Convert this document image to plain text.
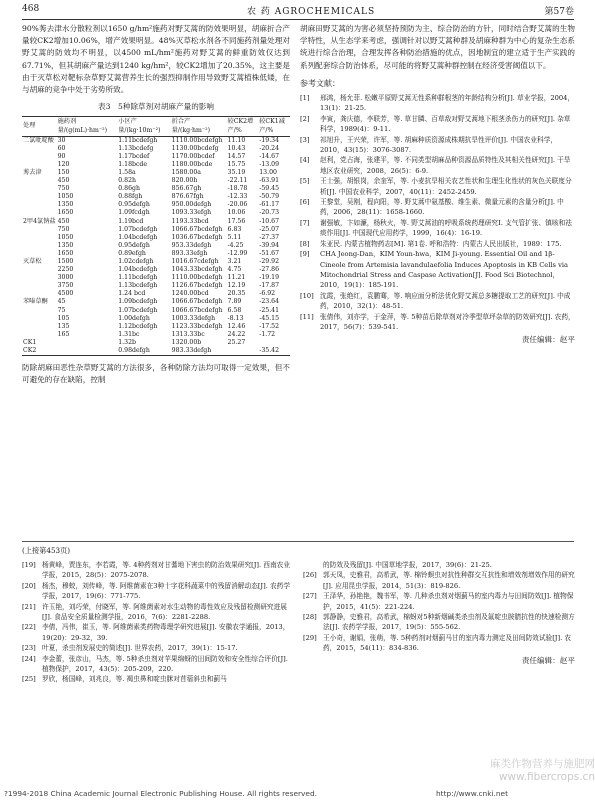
468	农 药 AGROCHEMICALS	第57卷

90%莠去津水分散粒剂以1650 g/hm²施药对野艾蒿的防效果明显，胡麻折合产量较CK2增加10.06%，增产效果明显。48%灭草松水剂各不同施药剂量处理对野艾蒿的防效均不明显，以4500 mL/hm²施药对野艾蒿的鲜重防效仅达到67.71%，但其胡麻产量达到1240 kg/hm²，较CK2增加了20.35%，这主要是由于灭草松对靶标杂草野艾蒿营养生长的强烈抑制作用导致野艾蒿植株低矮，在与胡麻的竞争中处于劣势所致。

表3　5种除草剂对胡麻产量的影响
处理	施药剂量/(g(mL)·hm⁻²)	小区产量/(kg·10m⁻²)	折合产量/(kg·hm⁻²)	较CK2增产/%	较CK1减产/%
二氯吡啶酸	30	1.11bcdefgh	1110.00bcdefgh	11.10	-19.34
	60	1.13bcdefg	1130.00bcdefg	10.43	-20.24
	90	1.17bcdef	1170.00bcdef	14.57	-14.67
	120	1.18bcde	1180.00bcde	15.75	-13.09
莠去津	150	1.58a	1580.00a	35.19	13.00
	450	0.82h	820.00h	-22.11	-63.91
	750	0.86gh	856.67gh	-18.78	-59.45
	1050	0.88fgh	876.67fgh	-12.33	-50.79
	1350	0.95defgh	950.00defgh	-20.06	-61.17
	1650	1.09fcdgh	1093.33efgh	10.06	-20.73
2甲4氯钠盐	450	1.19bcd	1193.33bcd	17.56	-10.67
	750	1.07bcdefgh	1066.67bcdefgh	6.83	-25.07
	1050	1.04bcdefgh	1036.67bcdefgh	5.11	-27.37
	1350	0.95defgh	953.33defgh	-4.25	-39.94
	1650	0.89efgh	893.33efgh	-12.99	-51.67
灭草松	1500	1.02cdefgh	1016.67cdefgh	3.21	-29.92
	2250	1.04bcdefgh	1043.33bcdefgh	4.75	-27.86
	3000	1.11bcdefgh	1110.00bcdefgh	11.21	-19.19
	3750	1.13bcdefgh	1126.67bcdefgh	12.19	-17.87
	4500	1.24 bcd	1240.00bcd	20.35	-6.92
苯嗪草酮	45	1.09bcdefgh	1066.67bcdefgh	7.89	-23.64
	75	1.07bcdefgh	1066.67bcdefgh	6.58	-25.41
	105	1.00defgh	1003.33defgh	-8.13	-45.15
	135	1.12bcdefgh	1123.33bcdefgh	12.46	-17.52
	165	1.31bc	1313.33bc	24.22	-1.72
CK1		1.32b	1320.00b	25.27	
CK2		0.98defgh	983.33defgh		-35.42

防除胡麻田恶性杂草野艾蒿的方法很多，各种防除方法均可取得一定效果，但不可避免的存在缺陷，控制

胡麻田野艾蒿的为害必须坚持预防为主、综合防治的方针，同时结合野艾蒿的生物学特性，从生态学来考虑，强调针对以野艾蒿种群及胡麻种群为中心的复杂生态系统进行综合治理，合理发挥各种防治措施的优点，因地制宜的建立适于生产实践的系列配套综合防治体系，尽可能的将野艾蒿种群控制在经济受害阈值以下。

参考文献：
[1] 邢鸿，杨允菲. 松嫩平原野艾蒿无性系种群根茎的年龄结构分析[J]. 草业学报，2004，13(1)：21-25.
[2] 李寅，龚庆德，李联芳，等. 草甘膦、百草敌对野艾蒿地下根茎杀伤力的研究[J]. 杂草科学，1989(4)：9-11.
[3] 祁旭升，王兴荣，许军，等. 胡麻种质资源成株期抗旱性评价[J]. 中国农业科学，2010，43(15)：3076-3087.
[4] 赵利，党占海，张建平，等. 不同类型胡麻品种资源品质特性及其相关性研究[J]. 干旱地区农业研究，2008，26(5)：6-9.
[5] 王士强，胡银岗，余奎军，等. 小麦抗旱相关农艺性状和生理生化性状的灰色关联度分析[J]. 中国农业科学，2007，40(11)：2452-2459.
[6] 王黎堂，吴刚，程向阳，等. 野艾蒿中氨基酸、维生素、微量元素的含量分析[J]. 中药，2006，28(11)：1658-1660.
[7] 谢强敏，卞如濂，杨秋火，等. 野艾蒿油的呼吸系统药理研究Ⅰ. 支气管扩张、镇咳和祛痰作用[J]. 中国现代应用药学，1999，16(4)：16-19.
[8] 朱亚民. 内蒙古植物药志[M]. 第1卷. 呼和浩特：内蒙古人民出版社，1989：175.
[9] CHA Jeong-Dan，KIM Youn-hwa，KIM Ji-young. Essential Oil and 1β-Cineole from Artemisia lavandulaefolia Induces Apoptosis in KB Cells via Mitochondrial Stress and Caspase Activation[J]. Food Sci Biotechnol，2010，19(1)：185-191.
[10] 沈霞，张绝红，袁鹏骞，等. 响应面分析法优化野艾蒿总多糖提取工艺的研究[J]. 中成药，2010，32(1)：48-51.
[11] 张倩伟，刘亦学，于金萍，等. 5种苗后除草剂对冷季型草坪杂草的防效研究[J]. 农药，2017，56(7)：539-541.
责任编辑：赵平
(上接第453页)
[19] 杨黄峰，贾连东，李若霞，等. 4种药剂对甘蓍地下害虫的防治效果研究[J]. 西南农业学报，2015，28(5)：2075-2078.
[20] 杨杰，穆蛟，刘传峰，等. 阿维菌素在3种十字花科蔬菜中的残留消解动态[J]. 农药学学报，2017，19(6)：771-775.
[21] 许玉艳，刘巧荣，付晓军，等. 阿维菌素对水生动物的毒性效应及残留检测研究进展[J]. 食品安全质量检测学报，2016，7(6)：2281-2288.
[22] 李倩，冯伟，崔玉，等. 阿维菌素类药物毒理学研究进展[J]. 安徽农学通报，2013，19(20)：29-32，39.
[23] 叶夏，杀虫剂发展史的简述[J]. 世界农药，2017，39(1)：15-17.
[24] 李金蕾，张彦山，马杰，等. 5种杀虫剂对苹果绵蚜的田间防效和安全性综合评价[J]. 植物保护，2017，43(5)：205-209，220.
[25] 罗欣，杨国峰，刘兆良，等. 褐虫鼻和啶虫脒对苜蓿斜虫和蓟马
的防效及残留[J]. 中国草地学报，2017，39(6)：21-25.
[26] 郭天凤，史雅君，高希武，等. 棉铃螟虫对抗性种群交互抗性和增效剂增效作用的研究[J]. 应用昆虫学报，2014，51(3)：819-826.
[27] 王泽华，孙艳艳，魏书军，等. 几种杀虫剂对烟蓟马的室内毒力与田间防效[J]. 植物保护，2015，41(5)：221-224.
[28] 郭静静，史雅君，高希武，棉蚜对5种新烟碱类杀虫剂及氟啶虫胺腈抗性的快速检测方法[J]. 农药学学报，2017，19(5)：555-562.
[29] 王小奇，谢娟，张萌，等. 5种药剂对烟蓟马甘的室内毒力测定及田间防效试验[J]. 农药，2015，54(11)：834-836.
责任编辑：赵平
麻类作物营养与施肥网 www.fibercrops.cn
?1994-2018 China Academic Journal Electronic Publishing House. All rights reserved.	http://www.cnki.net
